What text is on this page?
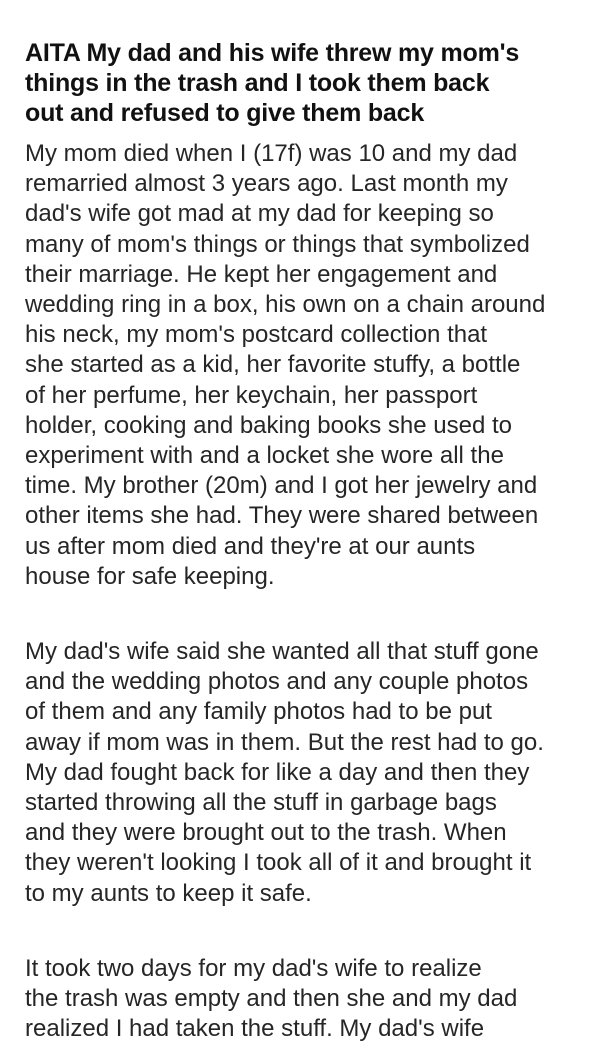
AITA My dad and his wife threw my mom's
things in the trash and I took them back
out and refused to give them back
My mom died when I (17f) was 10 and my dad
remarried almost 3 years ago. Last month my
dad's wife got mad at my dad for keeping so
many of mom's things or things that symbolized
their marriage. He kept her engagement and
wedding ring in a box, his own on a chain around
his neck, my mom's postcard collection that
she started as a kid, her favorite stuffy, a bottle
of her perfume, her keychain, her passport
holder, cooking and baking books she used to
experiment with and a locket she wore all the
time. My brother (20m) and I got her jewelry and
other items she had. They were shared between
us after mom died and they're at our aunts
house for safe keeping.
My dad's wife said she wanted all that stuff gone
and the wedding photos and any couple photos
of them and any family photos had to be put
away if mom was in them. But the rest had to go.
My dad fought back for like a day and then they
started throwing all the stuff in garbage bags
and they were brought out to the trash. When
they weren't looking I took all of it and brought it
to my aunts to keep it safe.
It took two days for my dad's wife to realize
the trash was empty and then she and my dad
realized I had taken the stuff. My dad's wife
